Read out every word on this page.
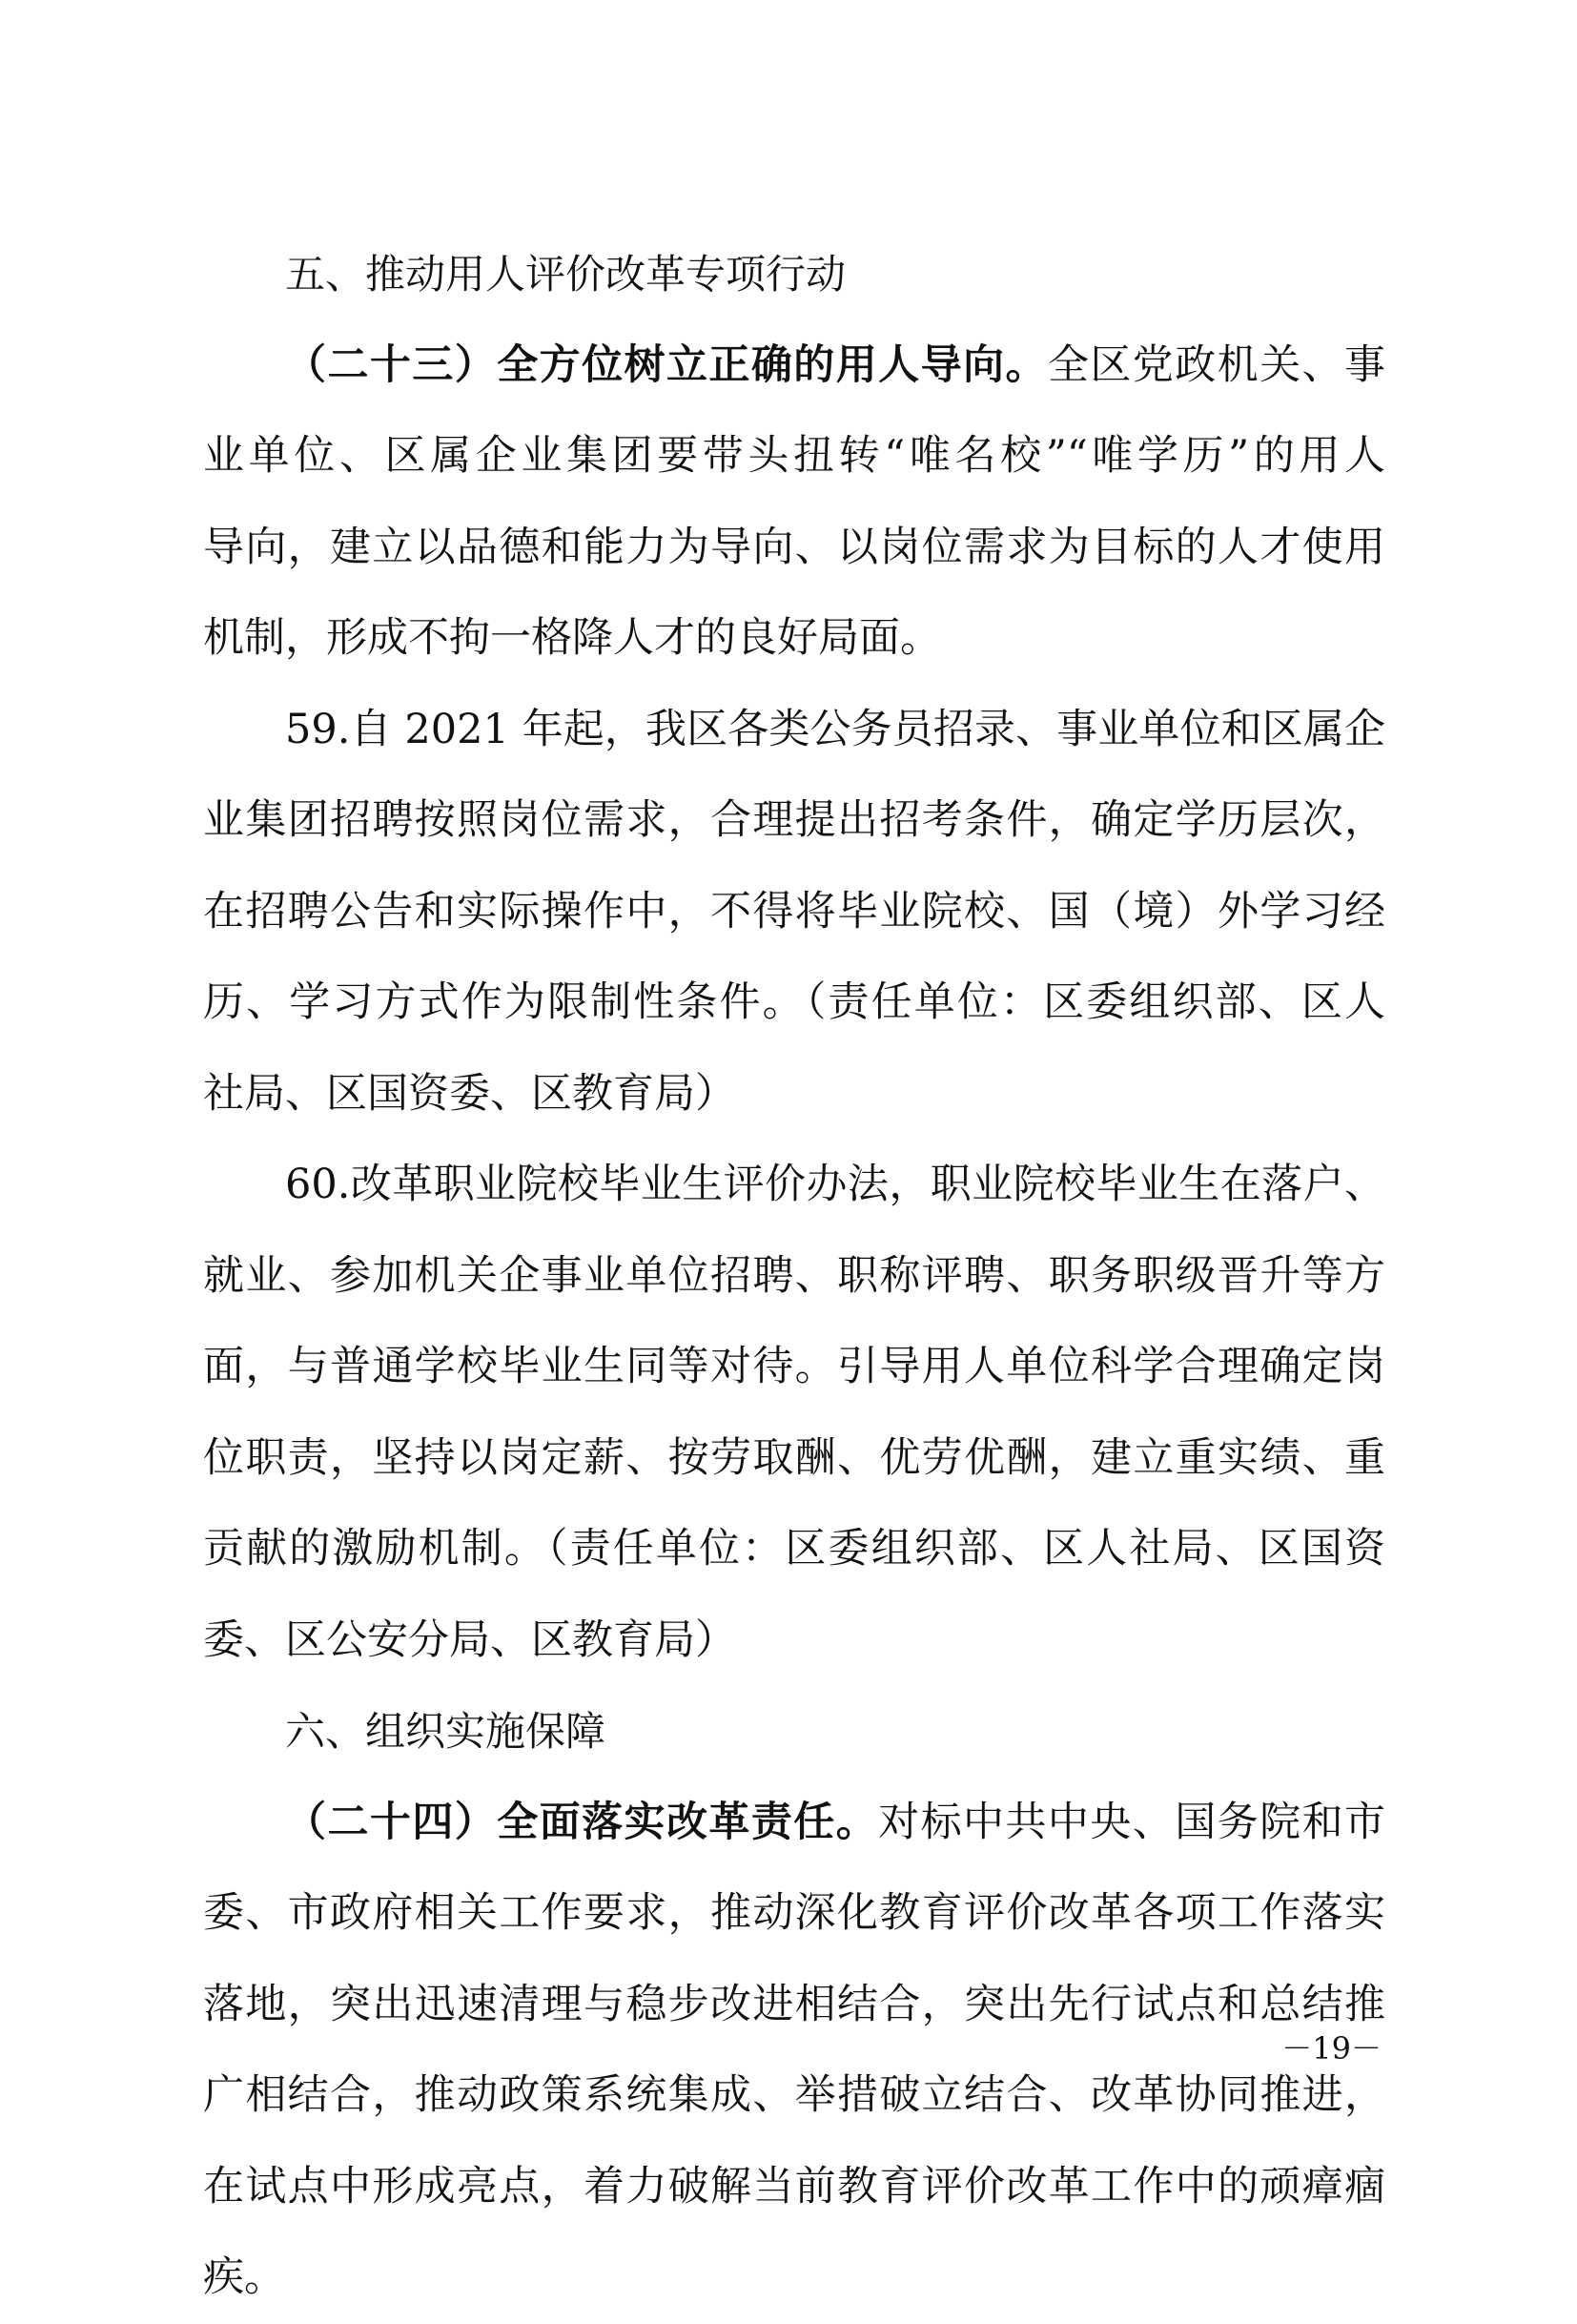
五、推动用人评价改革专项行动
（二十三）全方位树立正确的用人导向。全区党政机关、事
业单位、区属企业集团要带头扭转“唯名校”“唯学历”的用人
导向，建立以品德和能力为导向、以岗位需求为目标的人才使用
机制，形成不拘一格降人才的良好局面。
59.自 2021 年起，我区各类公务员招录、事业单位和区属企
业集团招聘按照岗位需求，合理提出招考条件，确定学历层次，
在招聘公告和实际操作中，不得将毕业院校、国（境）外学习经
历、学习方式作为限制性条件。（责任单位：区委组织部、区人
社局、区国资委、区教育局）
60.改革职业院校毕业生评价办法，职业院校毕业生在落户、
就业、参加机关企事业单位招聘、职称评聘、职务职级晋升等方
面，与普通学校毕业生同等对待。引导用人单位科学合理确定岗
位职责，坚持以岗定薪、按劳取酬、优劳优酬，建立重实绩、重
贡献的激励机制。（责任单位：区委组织部、区人社局、区国资
委、区公安分局、区教育局）
六、组织实施保障
（二十四）全面落实改革责任。对标中共中央、国务院和市
委、市政府相关工作要求，推动深化教育评价改革各项工作落实
落地，突出迅速清理与稳步改进相结合，突出先行试点和总结推
广相结合，推动政策系统集成、举措破立结合、改革协同推进，
在试点中形成亮点，着力破解当前教育评价改革工作中的顽瘴痼
疾。
－19－
